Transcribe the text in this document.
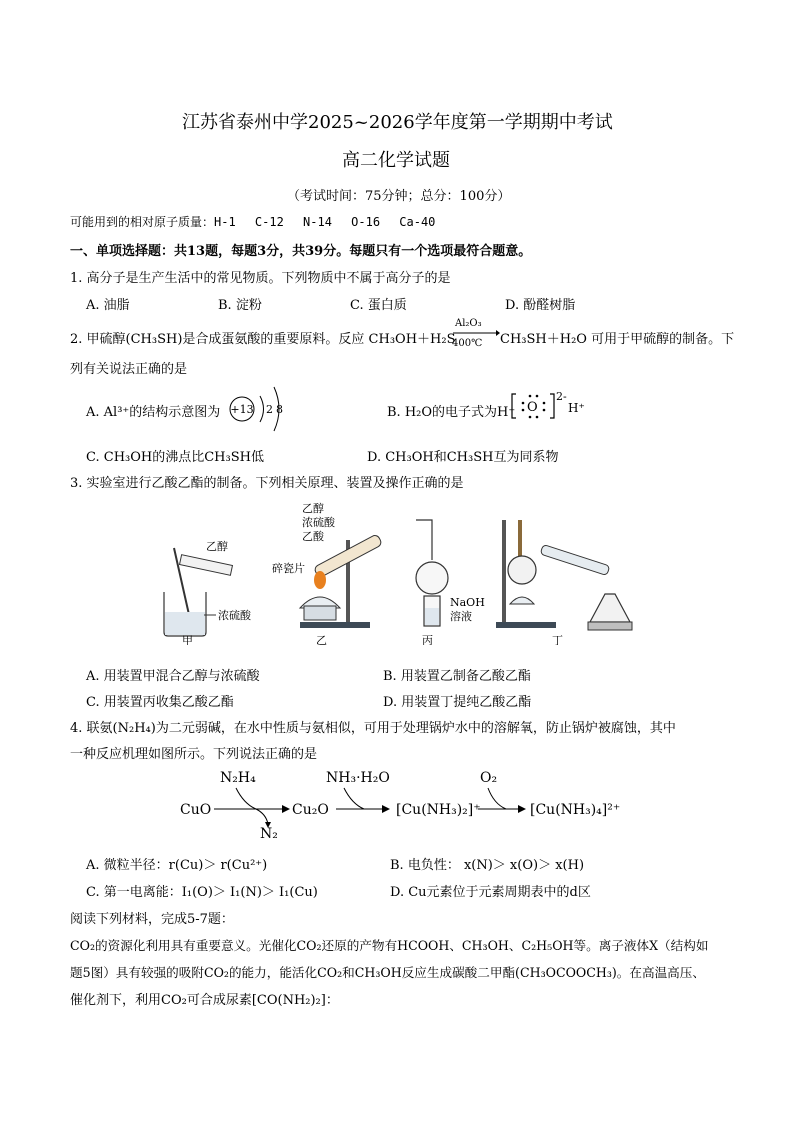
江苏省泰州中学2025~2026学年度第一学期期中考试
高二化学试题
（考试时间：75分钟；总分：100分）
可能用到的相对原子质量：H-1　 C-12　 N-14　 O-16　 Ca-40
一、单项选择题：共13题，每题3分，共39分。每题只有一个选项最符合题意。
1. 高分子是生产生活中的常见物质。下列物质中不属于高分子的是
A. 油脂	B. 淀粉	C. 蛋白质	D. 酚醛树脂
2. 甲硫醇(CH₃SH)是合成蛋氨酸的重要原料。反应 CH₃OH＋H₂S
Al₂O₃
400℃ CH₃SH＋H₂O 可用于甲硫醇的制备。下
列有关说法正确的是
A. Al³⁺的结构示意图为 +13 2 8	B. H₂O的电子式为H⁺ O
2-
H⁺
C. CH₃OH的沸点比CH₃SH低	D. CH₃OH和CH₃SH互为同系物
3. 实验室进行乙酸乙酯的制备。下列相关原理、装置及操作正确的是
乙醇
浓硫酸
甲
乙醇
浓硫酸
乙酸
碎瓷片
乙
NaOH
溶液
丙	丁
A. 用装置甲混合乙醇与浓硫酸	B. 用装置乙制备乙酸乙酯
C. 用装置丙收集乙酸乙酯	D. 用装置丁提纯乙酸乙酯
4. 联氨(N₂H₄)为二元弱碱，在水中性质与氨相似，可用于处理锅炉水中的溶解氧，防止锅炉被腐蚀，其中
一种反应机理如图所示。下列说法正确的是
CuO
N₂H₄
N₂
Cu₂O
NH₃·H₂O
[Cu(NH₃)₂]⁺
O₂
[Cu(NH₃)₄]²⁺
A. 微粒半径：r(Cu)＞ r(Cu²⁺)	B. 电负性： x(N)＞ x(O)＞ x(H)
C. 第一电离能：I₁(O)＞ I₁(N)＞ I₁(Cu)	D. Cu元素位于元素周期表中的d区
阅读下列材料，完成5-7题：
CO₂的资源化利用具有重要意义。光催化CO₂还原的产物有HCOOH、CH₃OH、C₂H₅OH等。离子液体X（结构如
题5图）具有较强的吸附CO₂的能力，能活化CO₂和CH₃OH反应生成碳酸二甲酯(CH₃OCOOCH₃)。在高温高压、
催化剂下，利用CO₂可合成尿素[CO(NH₂)₂]：
